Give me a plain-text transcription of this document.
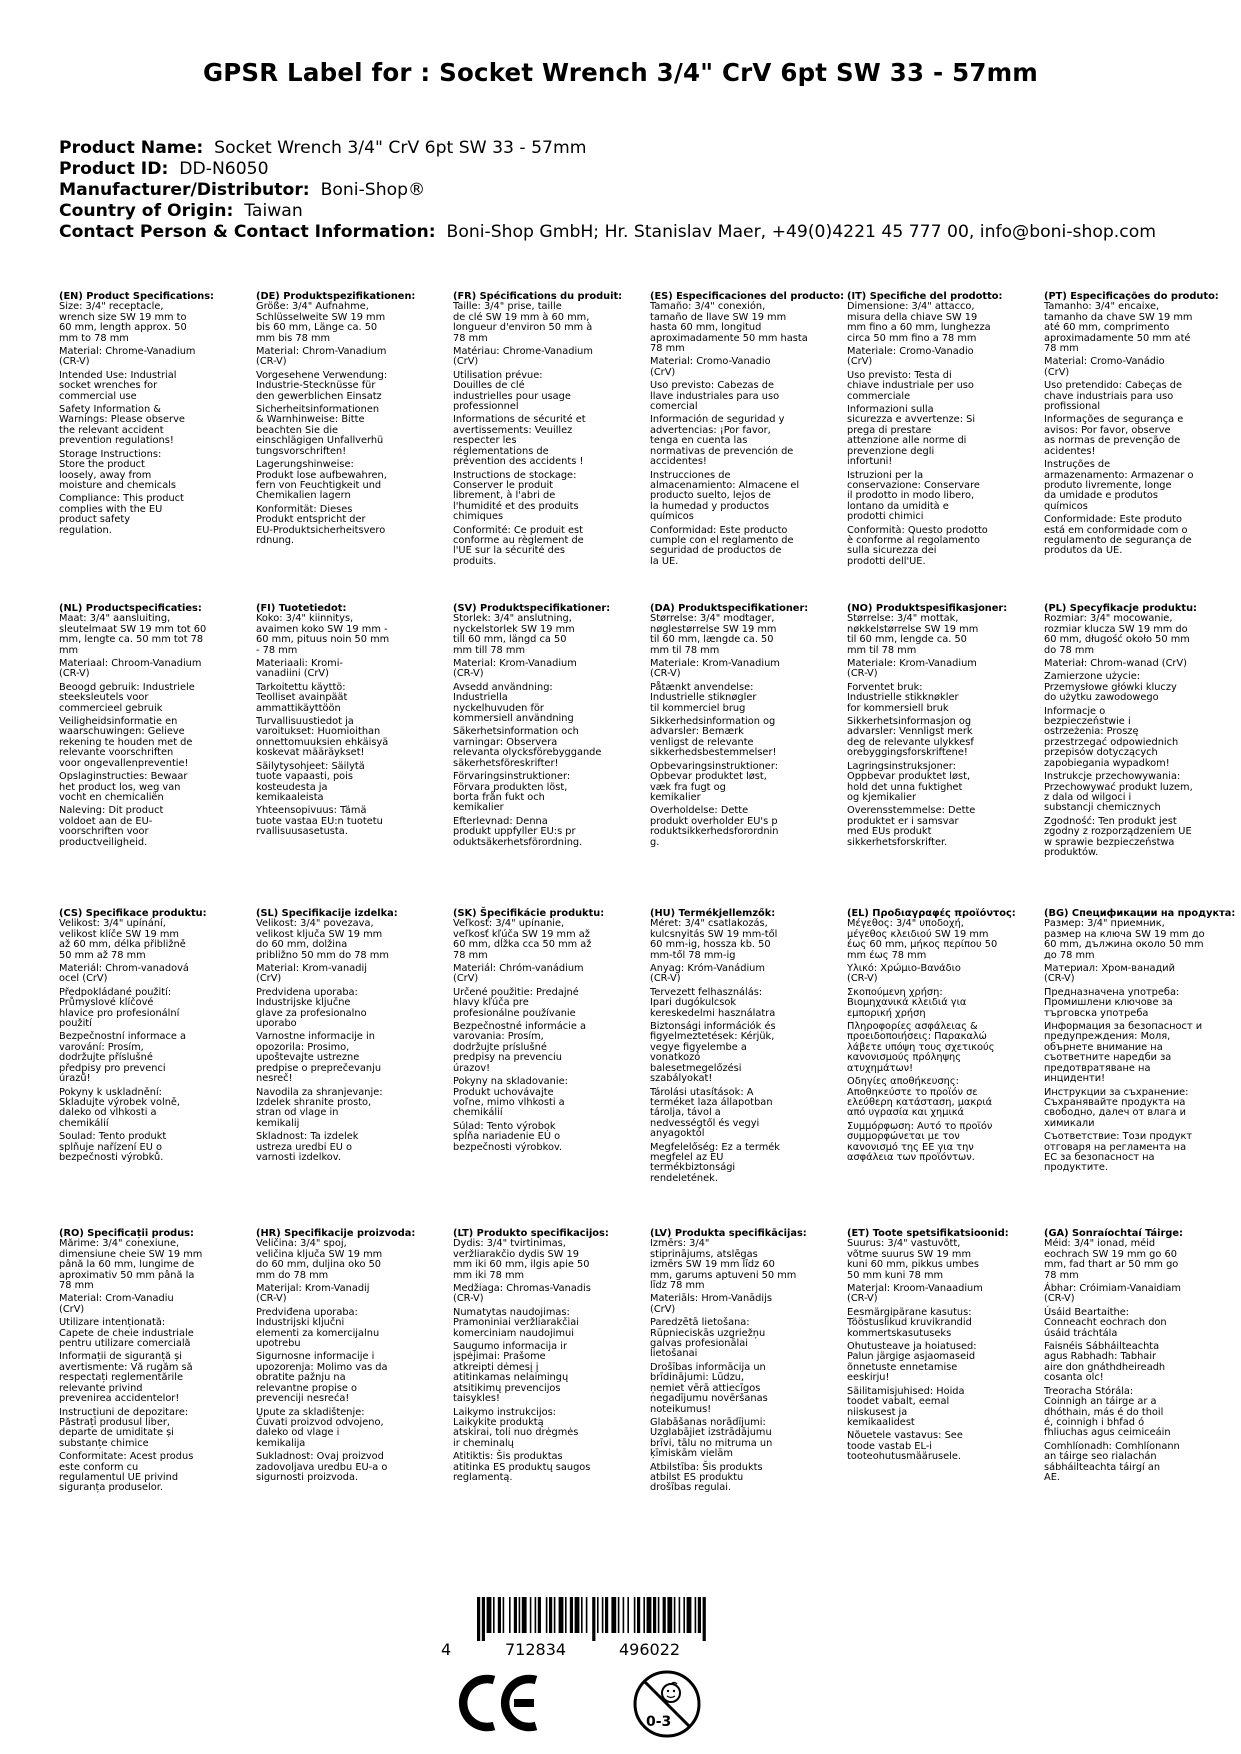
GPSR Label for : Socket Wrench 3/4" CrV 6pt SW 33 - 57mm
Product Name: Socket Wrench 3/4" CrV 6pt SW 33 - 57mm
Product ID: DD-N6050
Manufacturer/Distributor: Boni-Shop®
Country of Origin: Taiwan
Contact Person & Contact Information: Boni-Shop GmbH; Hr. Stanislav Maer, +49(0)4221 45 777 00, info@boni-shop.com
(EN) Product Specifications:
Size: 3/4" receptacle,
wrench size SW 19 mm to
60 mm, length approx. 50
mm to 78 mm
Material: Chrome-Vanadium
(CR-V)
Intended Use: Industrial
socket wrenches for
commercial use
Safety Information &
Warnings: Please observe
the relevant accident
prevention regulations!
Storage Instructions:
Store the product
loosely, away from
moisture and chemicals
Compliance: This product
complies with the EU
product safety
regulation.
(DE) Produktspezifikationen:
Größe: 3/4" Aufnahme,
Schlüsselweite SW 19 mm
bis 60 mm, Länge ca. 50
mm bis 78 mm
Material: Chrom-Vanadium
(CR-V)
Vorgesehene Verwendung:
Industrie-Stecknüsse für
den gewerblichen Einsatz
Sicherheitsinformationen
& Warnhinweise: Bitte
beachten Sie die
einschlägigen Unfallverhü
tungsvorschriften!
Lagerungshinweise:
Produkt lose aufbewahren,
fern von Feuchtigkeit und
Chemikalien lagern
Konformität: Dieses
Produkt entspricht der
EU-Produktsicherheitsvero
rdnung.
(FR) Spécifications du produit:
Taille: 3/4" prise, taille
de clé SW 19 mm à 60 mm,
longueur d'environ 50 mm à
78 mm
Matériau: Chrome-Vanadium
(CrV)
Utilisation prévue:
Douilles de clé
industrielles pour usage
professionnel
Informations de sécurité et
avertissements: Veuillez
respecter les
réglementations de
prévention des accidents !
Instructions de stockage:
Conserver le produit
librement, à l'abri de
l'humidité et des produits
chimiques
Conformité: Ce produit est
conforme au règlement de
l'UE sur la sécurité des
produits.
(ES) Especificaciones del producto:
Tamaño: 3/4" conexión,
tamaño de llave SW 19 mm
hasta 60 mm, longitud
aproximadamente 50 mm hasta
78 mm
Material: Cromo-Vanadio
(CrV)
Uso previsto: Cabezas de
llave industriales para uso
comercial
Información de seguridad y
advertencias: ¡Por favor,
tenga en cuenta las
normativas de prevención de
accidentes!
Instrucciones de
almacenamiento: Almacene el
producto suelto, lejos de
la humedad y productos
químicos
Conformidad: Este producto
cumple con el reglamento de
seguridad de productos de
la UE.
(IT) Specifiche del prodotto:
Dimensione: 3/4" attacco,
misura della chiave SW 19
mm fino a 60 mm, lunghezza
circa 50 mm fino a 78 mm
Materiale: Cromo-Vanadio
(CrV)
Uso previsto: Testa di
chiave industriale per uso
commerciale
Informazioni sulla
sicurezza e avvertenze: Si
prega di prestare
attenzione alle norme di
prevenzione degli
infortuni!
Istruzioni per la
conservazione: Conservare
il prodotto in modo libero,
lontano da umidità e
prodotti chimici
Conformità: Questo prodotto
è conforme al regolamento
sulla sicurezza dei
prodotti dell'UE.
(PT) Especificações do produto:
Tamanho: 3/4" encaixe,
tamanho da chave SW 19 mm
até 60 mm, comprimento
aproximadamente 50 mm até
78 mm
Material: Cromo-Vanádio
(CrV)
Uso pretendido: Cabeças de
chave industriais para uso
profissional
Informações de segurança e
avisos: Por favor, observe
as normas de prevenção de
acidentes!
Instruções de
armazenamento: Armazenar o
produto livremente, longe
da umidade e produtos
químicos
Conformidade: Este produto
está em conformidade com o
regulamento de segurança de
produtos da UE.
(NL) Productspecificaties:
Maat: 3/4" aansluiting,
sleutelmaat SW 19 mm tot 60
mm, lengte ca. 50 mm tot 78
mm
Materiaal: Chroom-Vanadium
(CR-V)
Beoogd gebruik: Industriele
steeksleutels voor
commercieel gebruik
Veiligheidsinformatie en
waarschuwingen: Gelieve
rekening te houden met de
relevante voorschriften
voor ongevallenpreventie!
Opslaginstructies: Bewaar
het product los, weg van
vocht en chemicaliën
Naleving: Dit product
voldoet aan de EU-
voorschriften voor
productveiligheid.
(FI) Tuotetiedot:
Koko: 3/4" kiinnitys,
avaimen koko SW 19 mm -
60 mm, pituus noin 50 mm
- 78 mm
Materiaali: Kromi-
vanadiini (CrV)
Tarkoitettu käyttö:
Teolliset avainpäät
ammattikäyttöön
Turvallisuustiedot ja
varoitukset: Huomioithan
onnettomuuksien ehkäisyä
koskevat määräykset!
Säilytysohjeet: Säilytä
tuote vapaasti, pois
kosteudesta ja
kemikaaleista
Yhteensopivuus: Tämä
tuote vastaa EU:n tuotetu
rvallisuusasetusta.
(SV) Produktspecifikationer:
Storlek: 3/4" anslutning,
nyckelstorlek SW 19 mm
till 60 mm, längd ca 50
mm till 78 mm
Material: Krom-Vanadium
(CR-V)
Avsedd användning:
Industriella
nyckelhuvuden för
kommersiell användning
Säkerhetsinformation och
varningar: Observera
relevanta olycksförebyggande
säkerhetsföreskrifter!
Förvaringsinstruktioner:
Förvara produkten löst,
borta från fukt och
kemikalier
Efterlevnad: Denna
produkt uppfyller EU:s pr
oduktsäkerhetsförordning.
(DA) Produktspecifikationer:
Størrelse: 3/4" modtager,
nøglestørrelse SW 19 mm
til 60 mm, længde ca. 50
mm til 78 mm
Materiale: Krom-Vanadium
(CR-V)
Påtænkt anvendelse:
Industrielle stiknøgler
til kommerciel brug
Sikkerhedsinformation og
advarsler: Bemærk
venligst de relevante
sikkerhedsbestemmelser!
Opbevaringsinstruktioner:
Opbevar produktet løst,
væk fra fugt og
kemikalier
Overholdelse: Dette
produkt overholder EU's p
roduktsikkerhedsforordnin
g.
(NO) Produktspesifikasjoner:
Størrelse: 3/4" mottak,
nøkkelstørrelse SW 19 mm
til 60 mm, lengde ca. 50
mm til 78 mm
Materiale: Krom-Vanadium
(CR-V)
Forventet bruk:
Industrielle stikknøkler
for kommersiell bruk
Sikkerhetsinformasjon og
advarsler: Vennligst merk
deg de relevante ulykkesf
orebyggingsforskriftene!
Lagringsinstruksjoner:
Oppbevar produktet løst,
hold det unna fuktighet
og kjemikalier
Overensstemmelse: Dette
produktet er i samsvar
med EUs produkt
sikkerhetsforskrifter.
(PL) Specyfikacje produktu:
Rozmiar: 3/4" mocowanie,
rozmiar klucza SW 19 mm do
60 mm, długość około 50 mm
do 78 mm
Materiał: Chrom-wanad (CrV)
Zamierzone użycie:
Przemysłowe główki kluczy
do użytku zawodowego
Informacje o
bezpieczeństwie i
ostrzeżenia: Proszę
przestrzegać odpowiednich
przepisów dotyczących
zapobiegania wypadkom!
Instrukcje przechowywania:
Przechowywać produkt luzem,
z dala od wilgoci i
substancji chemicznych
Zgodność: Ten produkt jest
zgodny z rozporządzeniem UE
w sprawie bezpieczeństwa
produktów.
(CS) Specifikace produktu:
Velikost: 3/4" upínání,
velikost klíče SW 19 mm
až 60 mm, délka přibližně
50 mm až 78 mm
Materiál: Chrom-vanadová
ocel (CrV)
Předpokládané použití:
Průmyslové klíčové
hlavice pro profesionální
použití
Bezpečnostní informace a
varování: Prosím,
dodržujte příslušné
předpisy pro prevenci
úrazů!
Pokyny k uskladnění:
Skladujte výrobek volně,
daleko od vlhkosti a
chemikálií
Soulad: Tento produkt
splňuje nařízení EU o
bezpečnosti výrobků.
(SL) Specifikacije izdelka:
Velikost: 3/4" povezava,
velikost ključa SW 19 mm
do 60 mm, dolžina
približno 50 mm do 78 mm
Material: Krom-vanadij
(CrV)
Predvidena uporaba:
Industrijske ključne
glave za profesionalno
uporabo
Varnostne informacije in
opozorila: Prosimo,
upoštevajte ustrezne
predpise o preprečevanju
nesreč!
Navodila za shranjevanje:
Izdelek shranite prosto,
stran od vlage in
kemikalij
Skladnost: Ta izdelek
ustreza uredbi EU o
varnosti izdelkov.
(SK) Špecifikácie produktu:
Veľkosť: 3/4" upínanie,
veľkosť kľúča SW 19 mm až
60 mm, dĺžka cca 50 mm až
78 mm
Materiál: Chróm-vanádium
(CrV)
Určené použitie: Predajné
hlavy kľúča pre
profesionálne používanie
Bezpečnostné informácie a
varovania: Prosím,
dodržujte príslušné
predpisy na prevenciu
úrazov!
Pokyny na skladovanie:
Produkt uchovávajte
voľne, mimo vlhkosti a
chemikálií
Súlad: Tento výrobok
spĺňa nariadenie EÚ o
bezpečnosti výrobkov.
(HU) Termékjellemzők:
Méret: 3/4" csatlakozás,
kulcsnyitás SW 19 mm-től
60 mm-ig, hossza kb. 50
mm-től 78 mm-ig
Anyag: Króm-Vanádium
(CR-V)
Tervezett felhasználás:
Ipari dugókulcsok
kereskedelmi használatra
Biztonsági információk és
figyelmeztetések: Kérjük,
vegye figyelembe a
vonatkozó
balesetmegelőzési
szabályokat!
Tárolási utasítások: A
terméket laza állapotban
tárolja, távol a
nedvességtől és vegyi
anyagoktól
Megfelelőség: Ez a termék
megfelel az EU
termékbiztonsági
rendeletének.
(EL) Προδιαγραφές προϊόντος:
Μέγεθος: 3/4" υποδοχή,
μέγεθος κλειδιού SW 19 mm
έως 60 mm, μήκος περίπου 50
mm έως 78 mm
Υλικό: Χρώμιο-Βανάδιο
(CR-V)
Σκοπούμενη χρήση:
Βιομηχανικά κλειδιά για
εμπορική χρήση
Πληροφορίες ασφάλειας &
προειδοποιήσεις: Παρακαλώ
λάβετε υπόψη τους σχετικούς
κανονισμούς πρόληψης
ατυχημάτων!
Οδηγίες αποθήκευσης:
Αποθηκεύστε το προϊόν σε
ελεύθερη κατάσταση, μακριά
από υγρασία και χημικά
Συμμόρφωση: Αυτό το προϊόν
συμμορφώνεται με τον
κανονισμό της ΕΕ για την
ασφάλεια των προϊόντων.
(BG) Спецификации на продукта:
Размер: 3/4" приемник,
размер на ключа SW 19 mm до
60 mm, дължина около 50 mm
до 78 mm
Материал: Хром-ванадий
(CR-V)
Предназначена употреба:
Промишлени ключове за
търговска употреба
Информация за безопасност и
предупреждения: Моля,
обърнете внимание на
съответните наредби за
предотвратяване на
инциденти!
Инструкции за съхранение:
Съхранявайте продукта на
свободно, далеч от влага и
химикали
Съответствие: Този продукт
отговаря на регламента на
ЕС за безопасност на
продуктите.
(RO) Specificații produs:
Mărime: 3/4" conexiune,
dimensiune cheie SW 19 mm
până la 60 mm, lungime de
aproximativ 50 mm până la
78 mm
Material: Crom-Vanadiu
(CrV)
Utilizare intenționată:
Capete de cheie industriale
pentru utilizare comercială
Informații de siguranță și
avertismente: Vă rugăm să
respectați reglementările
relevante privind
prevenirea accidentelor!
Instrucțiuni de depozitare:
Păstrați produsul liber,
departe de umiditate și
substanțe chimice
Conformitate: Acest produs
este conform cu
regulamentul UE privind
siguranța produselor.
(HR) Specifikacije proizvoda:
Veličina: 3/4" spoj,
veličina ključa SW 19 mm
do 60 mm, duljina oko 50
mm do 78 mm
Materijal: Krom-Vanadij
(CR-V)
Predviđena uporaba:
Industrijski ključni
elementi za komercijalnu
upotrebu
Sigurnosne informacije i
upozorenja: Molimo vas da
obratite pažnju na
relevantne propise o
prevenciji nesreća!
Upute za skladištenje:
Čuvati proizvod odvojeno,
daleko od vlage i
kemikalija
Sukladnost: Ovaj proizvod
zadovoljava uredbu EU-a o
sigurnosti proizvoda.
(LT) Produkto specifikacijos:
Dydis: 3/4" tvirtinimas,
veržliarakčio dydis SW 19
mm iki 60 mm, ilgis apie 50
mm iki 78 mm
Medžiaga: Chromas-Vanadis
(CR-V)
Numatytas naudojimas:
Pramoniniai veržliarakčiai
komerciniam naudojimui
Saugumo informacija ir
įspėjimai: Prašome
atkreipti dėmesį į
atitinkamas nelaimingų
atsitikimų prevencijos
taisykles!
Laikymo instrukcijos:
Laikykite produktą
atskirai, toli nuo drėgmės
ir cheminalų
Atitiktis: Šis produktas
atitinka ES produktų saugos
reglamentą.
(LV) Produkta specifikācijas:
Izmērs: 3/4"
stiprinājums, atslēgas
izmērs SW 19 mm līdz 60
mm, garums aptuveni 50 mm
līdz 78 mm
Materiāls: Hrom-Vanādijs
(CrV)
Paredzētā lietošana:
Rūpnieciskās uzgriežņu
galvas profesionālai
lietošanai
Drošības informācija un
brīdinājumi: Lūdzu,
ņemiet vērā attiecīgos
negadījumu novēršanas
noteikumus!
Glabāšanas norādījumi:
Uzglabājiet izstrādājumu
brīvi, tālu no mitruma un
ķīmiskām vielām
Atbilstība: Šis produkts
atbilst ES produktu
drošības regulai.
(ET) Toote spetsifikatsioonid:
Suurus: 3/4" vastuvõtt,
võtme suurus SW 19 mm
kuni 60 mm, pikkus umbes
50 mm kuni 78 mm
Materjal: Kroom-Vanaadium
(CR-V)
Eesmärgipärane kasutus:
Tööstuslikud kruvikrandid
kommertskasutuseks
Ohutusteave ja hoiatused:
Palun järgige asjaomaseid
õnnetuste ennetamise
eeskirju!
Säilitamisjuhised: Hoida
toodet vabalt, eemal
niiskusest ja
kemikaalidest
Nõuetele vastavus: See
toode vastab EL-i
tooteohutusmäärusele.
(GA) Sonraíochtaí Táirge:
Méid: 3/4" ionad, méid
eochrach SW 19 mm go 60
mm, fad thart ar 50 mm go
78 mm
Ábhar: Cróimiam-Vanaidiam
(CR-V)
Úsáid Beartaithe:
Conneacht eochrach don
úsáid tráchtála
Faisnéis Sábháilteachta
agus Rabhadh: Tabhair
aire don gnáthdheireadh
cosanta olc!
Treoracha Stórála:
Coinnigh an táirge ar a
dhóthain, más é do thoil
é, coinnigh i bhfad ó
fhliuchas agus ceimiceáin
Comhlíonadh: Comhlíonann
an táirge seo rialachán
sábháilteachta táirgí an
AE.
4	712834	496022
CE
0-3
